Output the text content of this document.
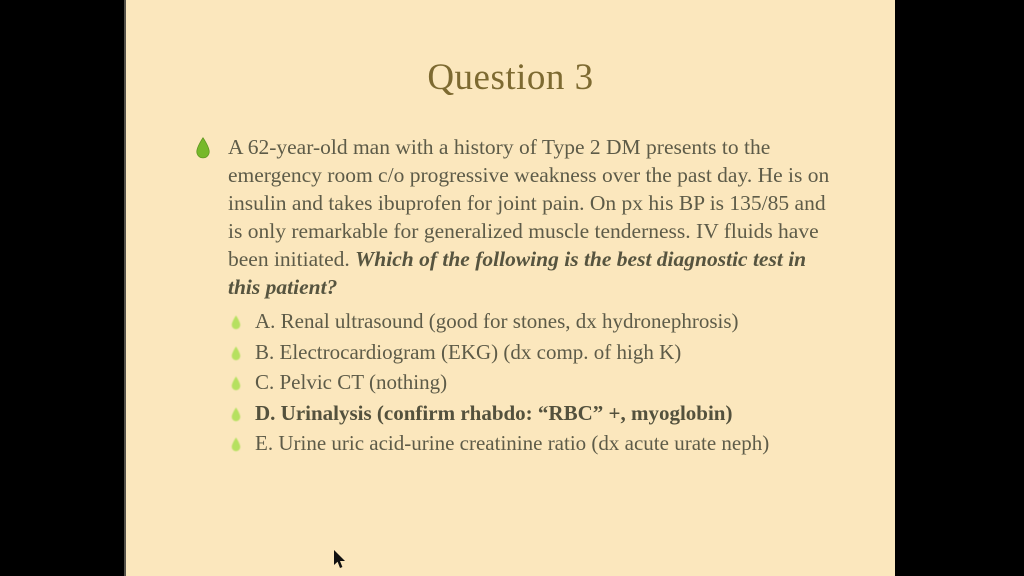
Question 3
A 62-year-old man with a history of Type 2 DM presents to the emergency room c/o progressive weakness over the past day. He is on insulin and takes ibuprofen for joint pain. On px his BP is 135/85 and is only remarkable for generalized muscle tenderness. IV fluids have been initiated. Which of the following is the best diagnostic test in this patient?
A. Renal ultrasound (good for stones, dx hydronephrosis)
B. Electrocardiogram (EKG) (dx comp. of high K)
C. Pelvic CT (nothing)
D. Urinalysis (confirm rhabdo: “RBC” +, myoglobin)
E. Urine uric acid-urine creatinine ratio (dx acute urate neph)
